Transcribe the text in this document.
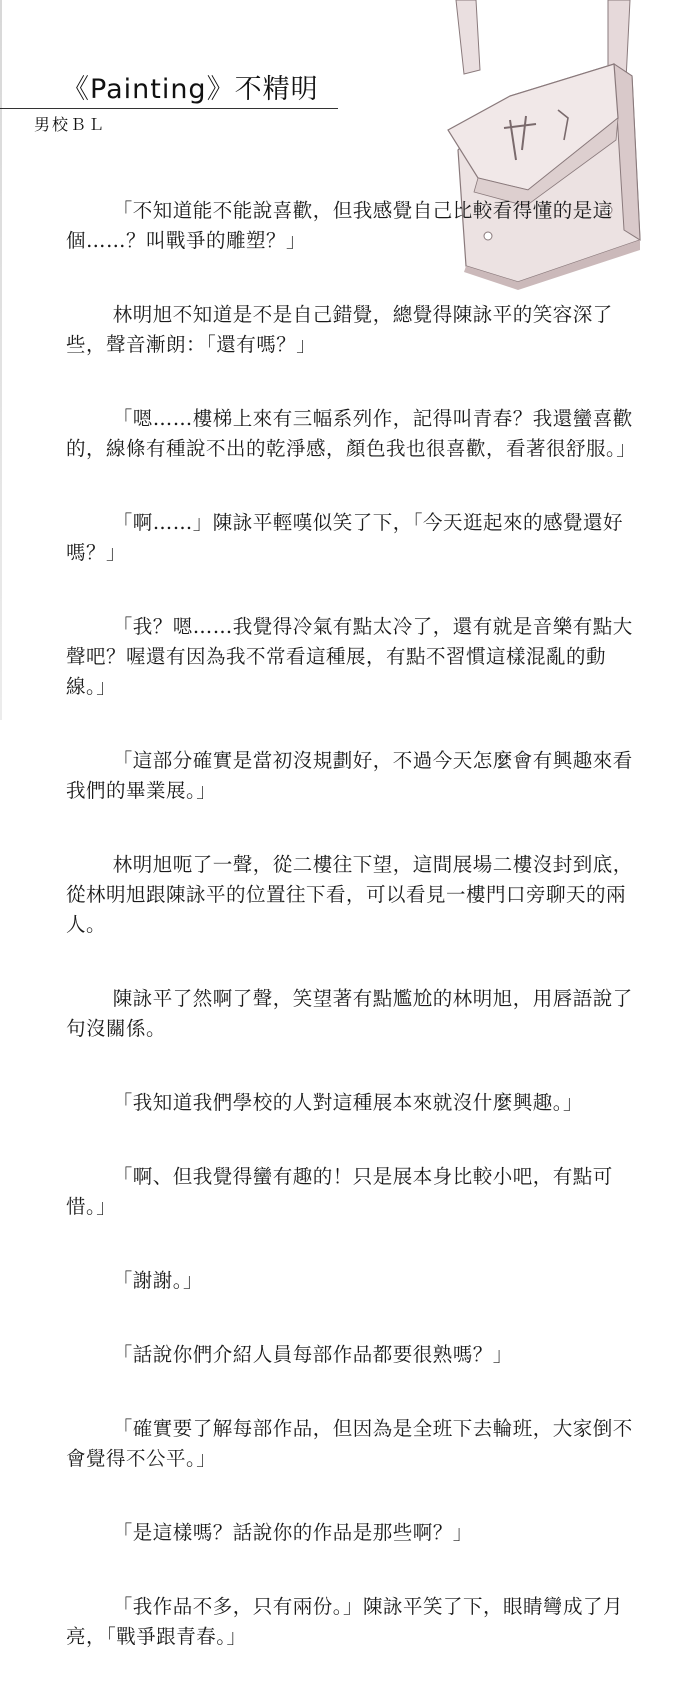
《Painting》不精明
男校ＢＬ

「不知道能不能說喜歡，但我感覺自己比較看得懂的是這個……？叫戰爭的雕塑？」

林明旭不知道是不是自己錯覺，總覺得陳詠平的笑容深了些，聲音漸朗：「還有嗎？」

「嗯……樓梯上來有三幅系列作，記得叫青春？我還蠻喜歡的，線條有種說不出的乾淨感，顏色我也很喜歡，看著很舒服。」

「啊……」陳詠平輕嘆似笑了下，「今天逛起來的感覺還好嗎？」

「我？嗯……我覺得冷氣有點太冷了，還有就是音樂有點大聲吧？喔還有因為我不常看這種展，有點不習慣這樣混亂的動線。」

「這部分確實是當初沒規劃好，不過今天怎麼會有興趣來看我們的畢業展。」

林明旭呃了一聲，從二樓往下望，這間展場二樓沒封到底，從林明旭跟陳詠平的位置往下看，可以看見一樓門口旁聊天的兩人。

陳詠平了然啊了聲，笑望著有點尷尬的林明旭，用唇語說了句沒關係。

「我知道我們學校的人對這種展本來就沒什麼興趣。」

「啊、但我覺得蠻有趣的！只是展本身比較小吧，有點可惜。」

「謝謝。」

「話說你們介紹人員每部作品都要很熟嗎？」

「確實要了解每部作品，但因為是全班下去輪班，大家倒不會覺得不公平。」

「是這樣嗎？話說你的作品是那些啊？」

「我作品不多，只有兩份。」陳詠平笑了下，眼睛彎成了月亮，「戰爭跟青春。」
